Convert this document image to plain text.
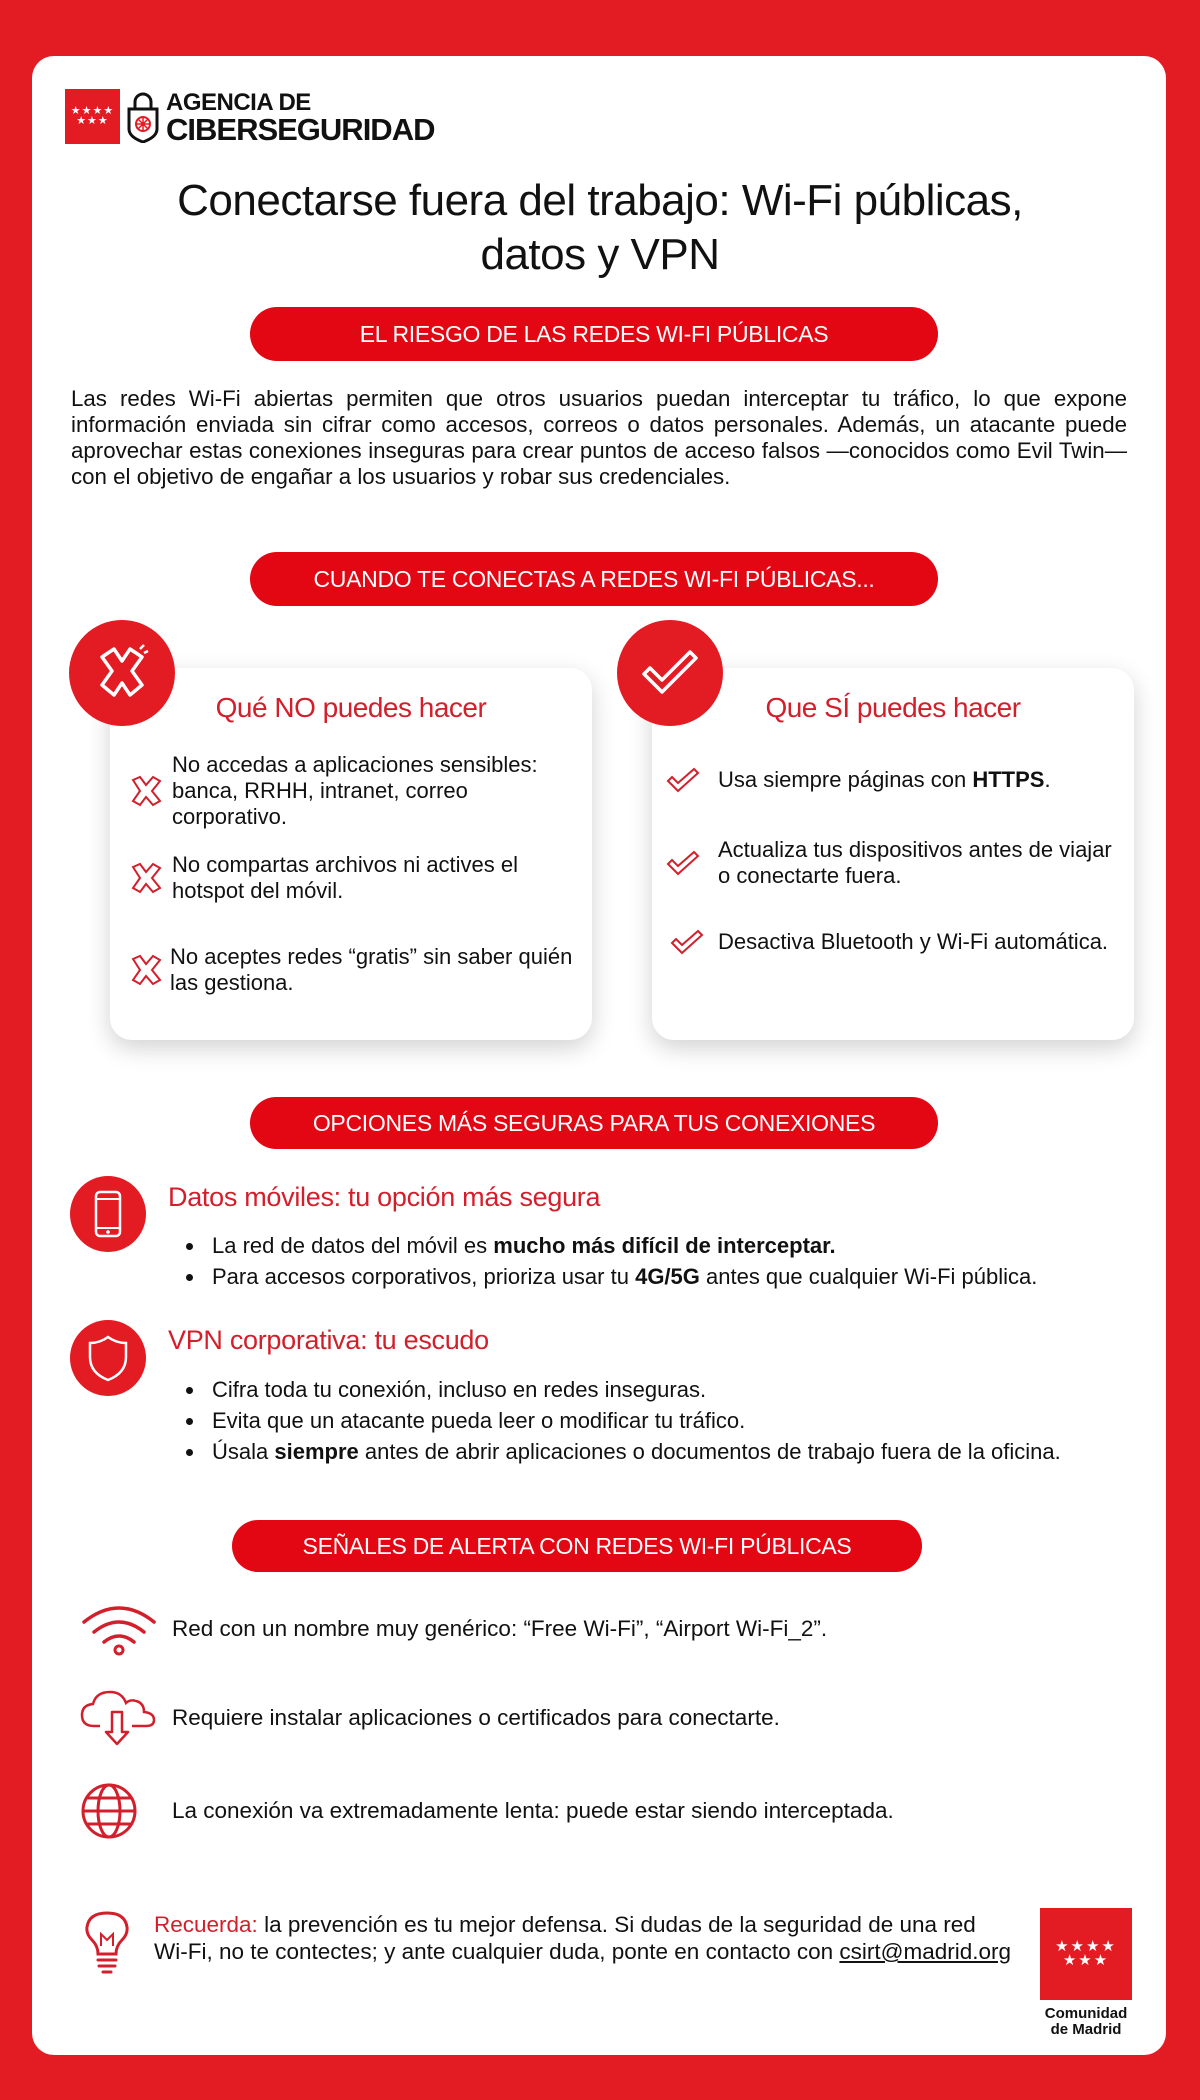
★★★★
★★★
AGENCIA DE
CIBERSEGURIDAD
Conectarse fuera del trabajo: Wi-Fi públicas,
datos y VPN
EL RIESGO DE LAS REDES WI-FI PÚBLICAS

Las redes Wi-Fi abiertas permiten que otros usuarios puedan interceptar tu tráfico, lo que expone información enviada sin cifrar como accesos, correos o datos personales. Además, un atacante puede aprovechar estas conexiones inseguras para crear puntos de acceso falsos —conocidos como Evil Twin— con el objetivo de engañar a los usuarios y robar sus credenciales.

CUANDO TE CONECTAS A REDES WI-FI PÚBLICAS...
Qué NO puedes hacer
No accedas a aplicaciones sensibles: banca, RRHH, intranet, correo corporativo.
No compartas archivos ni actives el hotspot del móvil.
No aceptes redes “gratis” sin saber quién las gestiona.
Que SÍ puedes hacer
Usa siempre páginas con HTTPS.
Actualiza tus dispositivos antes de viajar o conectarte fuera.
Desactiva Bluetooth y Wi-Fi automática.
OPCIONES MÁS SEGURAS PARA TUS CONEXIONES
Datos móviles: tu opción más segura
La red de datos del móvil es mucho más difícil de interceptar.
Para accesos corporativos, prioriza usar tu 4G/5G antes que cualquier Wi-Fi pública.
VPN corporativa: tu escudo
Cifra toda tu conexión, incluso en redes inseguras.
Evita que un atacante pueda leer o modificar tu tráfico.
Úsala siempre antes de abrir aplicaciones o documentos de trabajo fuera de la oficina.
SEÑALES DE ALERTA CON REDES WI-FI PÚBLICAS
Red con un nombre muy genérico: “Free Wi-Fi”, “Airport Wi-Fi_2”.
Requiere instalar aplicaciones o certificados para conectarte.
La conexión va extremadamente lenta: puede estar siendo interceptada.
Recuerda: la prevención es tu mejor defensa. Si dudas de la seguridad de una red Wi-Fi, no te contectes; y ante cualquier duda, ponte en contacto con csirt@madrid.org	★★★★
★★★
Comunidad
de Madrid
